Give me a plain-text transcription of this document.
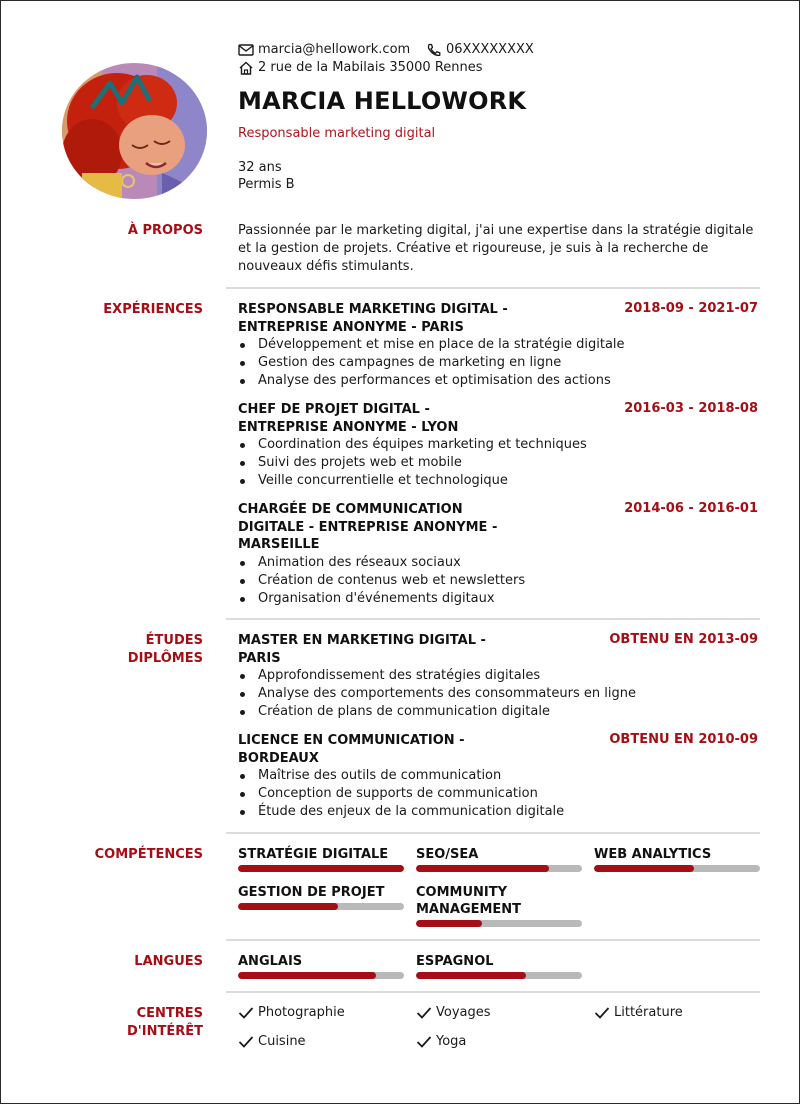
marcia@hellowork.com	06XXXXXXXX
2 rue de la Mabilais 35000 Rennes
MARCIA HELLOWORK
Responsable marketing digital
32 ans
Permis B
À PROPOS	Passionnée par le marketing digital, j'ai une expertise dans la stratégie digitale et la gestion de projets. Créative et rigoureuse, je suis à la recherche de nouveaux défis stimulants.
EXPÉRIENCES	RESPONSABLE MARKETING DIGITAL -
ENTREPRISE ANONYME - PARIS
2018-09 - 2021-07
Développement et mise en place de la stratégie digitale
Gestion des campagnes de marketing en ligne
Analyse des performances et optimisation des actions
CHEF DE PROJET DIGITAL -
ENTREPRISE ANONYME - LYON
2016-03 - 2018-08
Coordination des équipes marketing et techniques
Suivi des projets web et mobile
Veille concurrentielle et technologique
CHARGÉE DE COMMUNICATION
DIGITALE - ENTREPRISE ANONYME -
MARSEILLE
2014-06 - 2016-01
Animation des réseaux sociaux
Création de contenus web et newsletters
Organisation d'événements digitaux
ÉTUDES
DIPLÔMES
MASTER EN MARKETING DIGITAL -
PARIS
OBTENU EN 2013-09
Approfondissement des stratégies digitales
Analyse des comportements des consommateurs en ligne
Création de plans de communication digitale
LICENCE EN COMMUNICATION -
BORDEAUX
OBTENU EN 2010-09
Maîtrise des outils de communication
Conception de supports de communication
Étude des enjeux de la communication digitale
COMPÉTENCES	STRATÉGIE DIGITALE	SEO/SEA	WEB ANALYTICS
GESTION DE PROJET	COMMUNITY
MANAGEMENT
LANGUES	ANGLAIS	ESPAGNOL
CENTRES
D'INTÉRÊT
Photographie	Voyages	Littérature
Cuisine	Yoga
